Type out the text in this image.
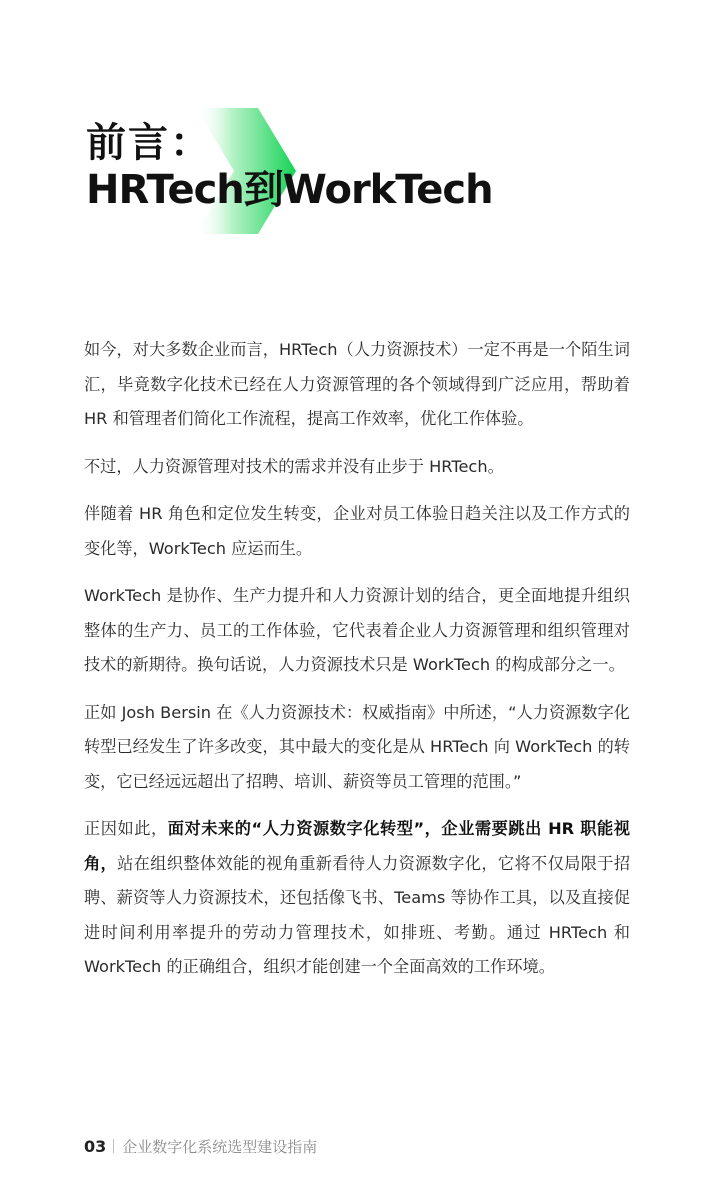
前言：
HRTech到WorkTech

如今，对大多数企业而言，HRTech（人力资源技术）一定不再是一个陌生词汇，毕竟数字化技术已经在人力资源管理的各个领域得到广泛应用，帮助着 HR 和管理者们简化工作流程，提高工作效率，优化工作体验。

不过，人力资源管理对技术的需求并没有止步于 HRTech。

伴随着 HR 角色和定位发生转变，企业对员工体验日趋关注以及工作方式的变化等，WorkTech 应运而生。

WorkTech 是协作、生产力提升和人力资源计划的结合，更全面地提升组织整体的生产力、员工的工作体验，它代表着企业人力资源管理和组织管理对技术的新期待。换句话说，人力资源技术只是 WorkTech 的构成部分之一。

正如 Josh Bersin 在《人力资源技术：权威指南》中所述，“人力资源数字化转型已经发生了许多改变，其中最大的变化是从 HRTech 向 WorkTech 的转变，它已经远远超出了招聘、培训、薪资等员工管理的范围。”

正因如此，面对未来的“人力资源数字化转型”，企业需要跳出 HR 职能视角，站在组织整体效能的视角重新看待人力资源数字化，它将不仅局限于招聘、薪资等人力资源技术，还包括像飞书、Teams 等协作工具，以及直接促进时间利用率提升的劳动力管理技术，如排班、考勤。通过 HRTech 和 WorkTech 的正确组合，组织才能创建一个全面高效的工作环境。

03 企业数字化系统选型建设指南
